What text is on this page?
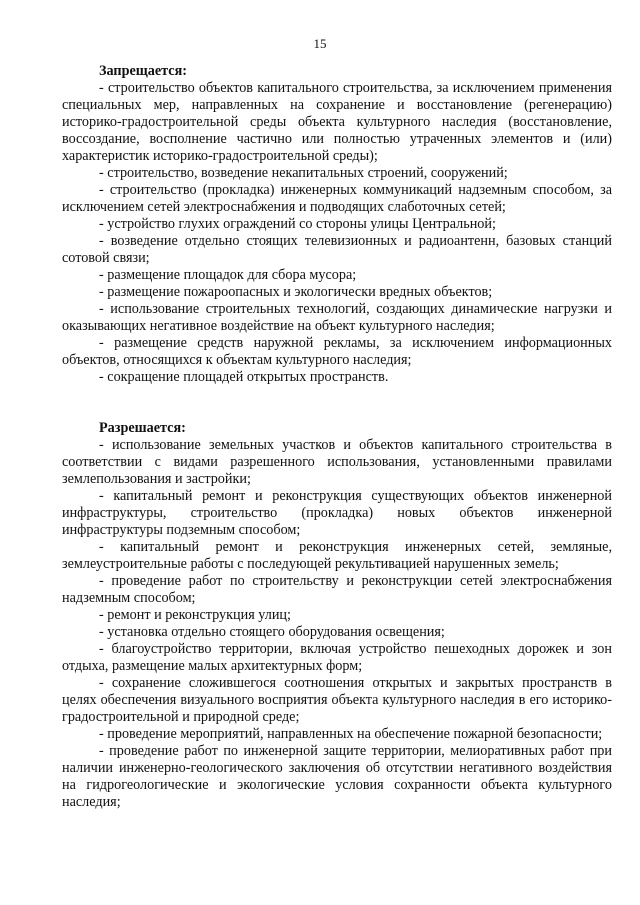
15

Запрещается:

- строительство объектов капитального строительства, за исключением применения специальных мер, направленных на сохранение и восстановление (регенерацию) историко-градостроительной среды объекта культурного наследия (восстановление, воссоздание, восполнение частично или полностью утраченных элементов и (или) характеристик историко-градостроительной среды);

- строительство, возведение некапитальных строений, сооружений;

- строительство (прокладка) инженерных коммуникаций надземным способом, за исключением сетей электроснабжения и подводящих слаботочных сетей;

- устройство глухих ограждений со стороны улицы Центральной;

- возведение отдельно стоящих телевизионных и радиоантенн, базовых станций сотовой связи;

- размещение площадок для сбора мусора;

- размещение пожароопасных и экологически вредных объектов;

- использование строительных технологий, создающих динамические нагрузки и оказывающих негативное воздействие на объект культурного наследия;

- размещение средств наружной рекламы, за исключением информационных объектов, относящихся к объектам культурного наследия;

- сокращение площадей открытых пространств.

Разрешается:

- использование земельных участков и объектов капитального строительства в соответствии с видами разрешенного использования, установленными правилами землепользования и застройки;

- капитальный ремонт и реконструкция существующих объектов инженерной инфраструктуры, строительство (прокладка) новых объектов инженерной инфраструктуры подземным способом;

- капитальный ремонт и реконструкция инженерных сетей, земляные, землеустроительные работы с последующей рекультивацией нарушенных земель;

- проведение работ по строительству и реконструкции сетей электроснабжения надземным способом;

- ремонт и реконструкция улиц;

- установка отдельно стоящего оборудования освещения;

- благоустройство территории, включая устройство пешеходных дорожек и зон отдыха, размещение малых архитектурных форм;

- сохранение сложившегося соотношения открытых и закрытых пространств в целях обеспечения визуального восприятия объекта культурного наследия в его историко-градостроительной и природной среде;

- проведение мероприятий, направленных на обеспечение пожарной безопасности;

- проведение работ по инженерной защите территории, мелиоративных работ при наличии инженерно-геологического заключения об отсутствии негативного воздействия на гидрогеологические и экологические условия сохранности объекта культурного наследия;
